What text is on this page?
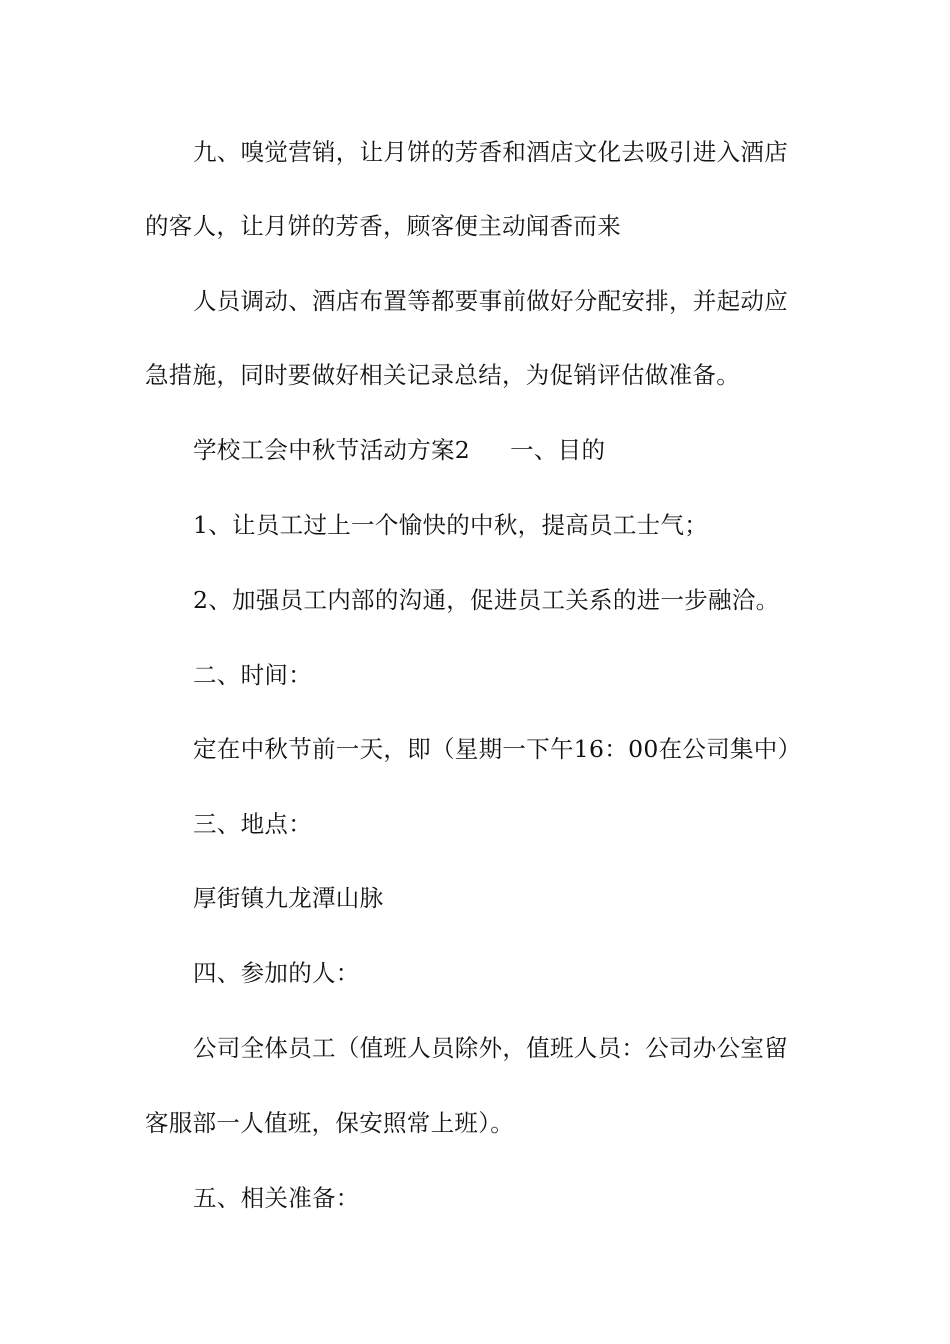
九、嗅觉营销，让月饼的芳香和酒店文化去吸引进入酒店
的客人，让月饼的芳香，顾客便主动闻香而来
人员调动、酒店布置等都要事前做好分配安排，并起动应
急措施，同时要做好相关记录总结，为促销评估做准备。
学校工会中秋节活动方案2 一、目的
1、让员工过上一个愉快的中秋，提高员工士气；
2、加强员工内部的沟通，促进员工关系的进一步融洽。
二、时间：
定在中秋节前一天，即（星期一下午16：00在公司集中）
三、地点：
厚街镇九龙潭山脉
四、参加的人：
公司全体员工（值班人员除外，值班人员：公司办公室留
客服部一人值班，保安照常上班）。
五、相关准备：
